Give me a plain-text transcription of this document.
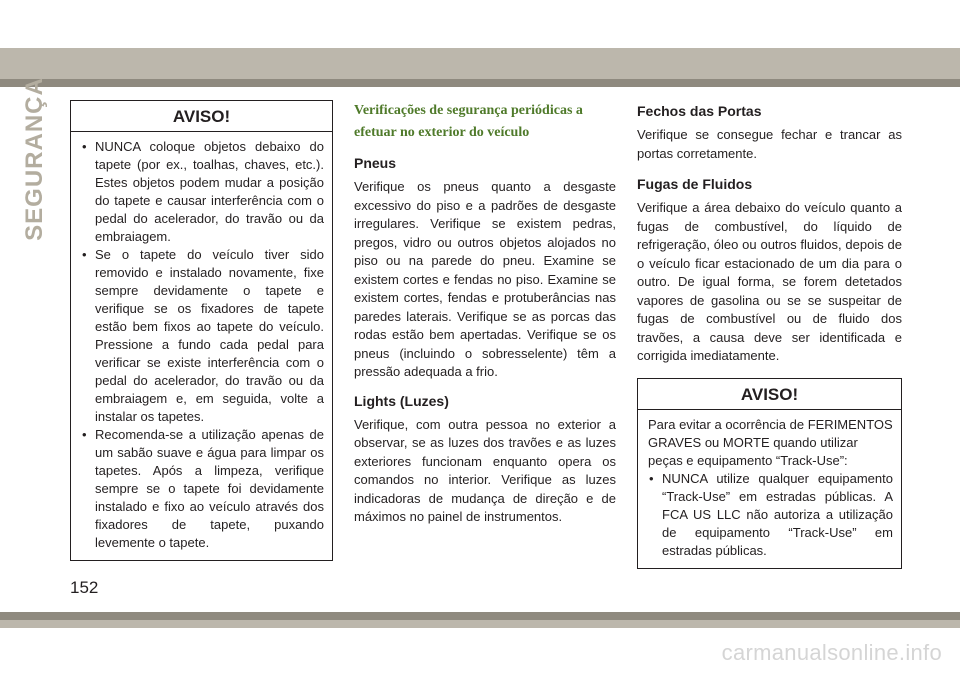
SEGURANÇA	AVISO!
• NUNCA coloque objetos debaixo do tapete (por ex., toalhas, chaves, etc.). Estes objetos podem mudar a posição do tapete e causar interferência com o pedal do acelerador, do travão ou da embraiagem.
• Se o tapete do veículo tiver sido removido e instalado novamente, fixe sempre devidamente o tapete e verifique se os fixadores de tapete estão bem fixos ao tapete do veículo. Pressione a fundo cada pedal para verificar se existe interferência com o pedal do acelerador, do travão ou da embraiagem e, em seguida, volte a instalar os tapetes.
• Recomenda-se a utilização apenas de um sabão suave e água para limpar os tapetes. Após a limpeza, verifique sempre se o tapete foi devidamente instalado e fixo ao veículo através dos fixadores de tapete, puxando levemente o tapete.
Verificações de segurança periódicas a efetuar no exterior do veículo
Pneus

Verifique os pneus quanto a desgaste excessivo do piso e a padrões de desgaste irregulares. Verifique se existem pedras, pregos, vidro ou outros objetos alojados no piso ou na parede do pneu. Examine se existem cortes e fendas no piso. Examine se existem cortes, fendas e protuberâncias nas paredes laterais. Verifique se as porcas das rodas estão bem apertadas. Verifique se os pneus (incluindo o sobresselente) têm a pressão adequada a frio.

Lights (Luzes)

Verifique, com outra pessoa no exterior a observar, se as luzes dos travões e as luzes exteriores funcionam enquanto opera os comandos no interior. Verifique as luzes indicadoras de mudança de direção e de máximos no painel de instrumentos.

Fechos das Portas

Verifique se consegue fechar e trancar as portas corretamente.

Fugas de Fluidos

Verifique a área debaixo do veículo quanto a fugas de combustível, do líquido de refrigeração, óleo ou outros fluidos, depois de o veículo ficar estacionado de um dia para o outro. De igual forma, se forem detetados vapores de gasolina ou se se suspeitar de fugas de combustível ou de fluido dos travões, a causa deve ser identificada e corrigida imediatamente.

AVISO!

Para evitar a ocorrência de FERIMENTOS GRAVES ou MORTE quando utilizar peças e equipamento “Track-Use”:

• NUNCA utilize qualquer equipamento “Track-Use” em estradas públicas. A FCA US LLC não autoriza a utilização de equipamento “Track-Use” em estradas públicas.
152
carmanualsonline.info
